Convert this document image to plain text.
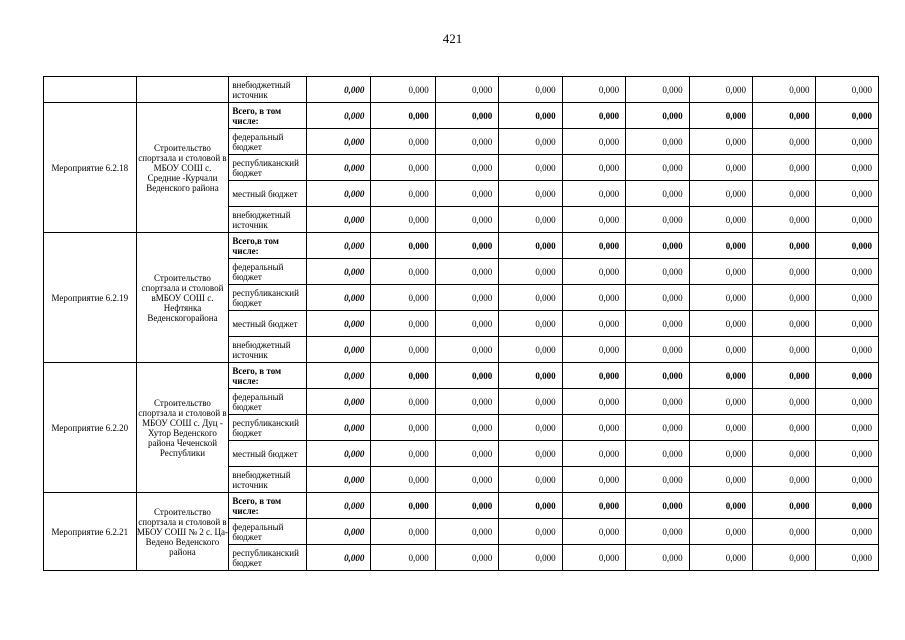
421
		внебюджетный источник	0,000	0,000	0,000	0,000	0,000	0,000	0,000	0,000	0,000
Мероприятие 6.2.18	Строительство спортзала и столовой в МБОУ СОШ с. Средние -Курчали Веденского района	Всего, в том числе:	0,000	0,000	0,000	0,000	0,000	0,000	0,000	0,000	0,000
		федеральный бюджет	0,000	0,000	0,000	0,000	0,000	0,000	0,000	0,000	0,000
		республиканский бюджет	0,000	0,000	0,000	0,000	0,000	0,000	0,000	0,000	0,000
		местный бюджет	0,000	0,000	0,000	0,000	0,000	0,000	0,000	0,000	0,000
		внебюджетный источник	0,000	0,000	0,000	0,000	0,000	0,000	0,000	0,000	0,000
Мероприятие 6.2.19	Строительство спортзала и столовой вМБОУ СОШ с. Нефтянка Веденскогорайона	Всего,в том числе:	0,000	0,000	0,000	0,000	0,000	0,000	0,000	0,000	0,000
		федеральный бюджет	0,000	0,000	0,000	0,000	0,000	0,000	0,000	0,000	0,000
		республиканский бюджет	0,000	0,000	0,000	0,000	0,000	0,000	0,000	0,000	0,000
		местный бюджет	0,000	0,000	0,000	0,000	0,000	0,000	0,000	0,000	0,000
		внебюджетный источник	0,000	0,000	0,000	0,000	0,000	0,000	0,000	0,000	0,000
Мероприятие 6.2.20	Строительство спортзала и столовой в МБОУ СОШ с. Дуц - Хутор Веденского района Чеченской Республики	Всего, в том числе:	0,000	0,000	0,000	0,000	0,000	0,000	0,000	0,000	0,000
		федеральный бюджет	0,000	0,000	0,000	0,000	0,000	0,000	0,000	0,000	0,000
		республиканский бюджет	0,000	0,000	0,000	0,000	0,000	0,000	0,000	0,000	0,000
		местный бюджет	0,000	0,000	0,000	0,000	0,000	0,000	0,000	0,000	0,000
		внебюджетный источник	0,000	0,000	0,000	0,000	0,000	0,000	0,000	0,000	0,000
Мероприятие 6.2.21	Строительство спортзала и столовой в МБОУ СОШ № 2 с. Ца-Ведено Веденского района	Всего, в том числе:	0,000	0,000	0,000	0,000	0,000	0,000	0,000	0,000	0,000
		федеральный бюджет	0,000	0,000	0,000	0,000	0,000	0,000	0,000	0,000	0,000
		республиканский бюджет	0,000	0,000	0,000	0,000	0,000	0,000	0,000	0,000	0,000
